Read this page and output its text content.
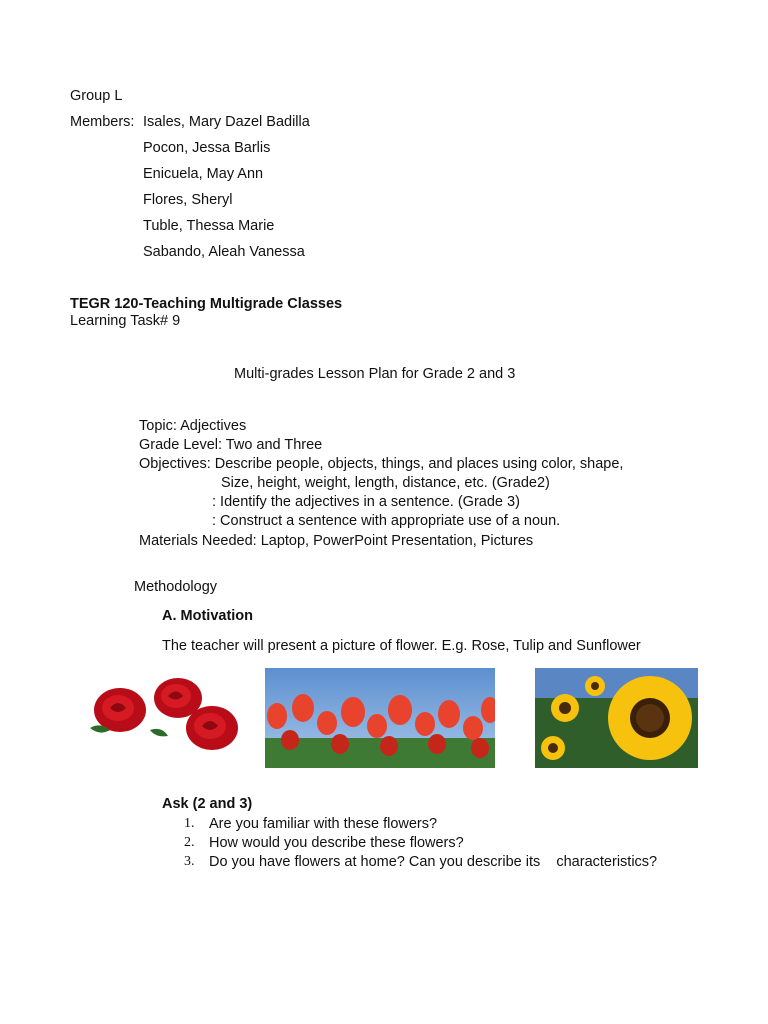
Group L
Members: Isales, Mary Dazel Badilla
Pocon, Jessa Barlis
Enicuela, May Ann
Flores, Sheryl
Tuble, Thessa Marie
Sabando, Aleah Vanessa
TEGR 120-Teaching Multigrade Classes
Learning Task# 9
Multi-grades Lesson Plan for Grade 2 and 3
Topic: Adjectives
Grade Level: Two and Three
Objectives: Describe people, objects, things, and places using color, shape,
Size, height, weight, length, distance, etc. (Grade2)
: Identify the adjectives in a sentence. (Grade 3)
: Construct a sentence with appropriate use of a noun.
Materials Needed: Laptop, PowerPoint Presentation, Pictures
Methodology
A. Motivation
The teacher will present a picture of flower. E.g. Rose, Tulip and Sunflower
Ask (2 and 3)
1. Are you familiar with these flowers?
2. How would you describe these flowers?
3. Do you have flowers at home? Can you describe its    characteristics?
